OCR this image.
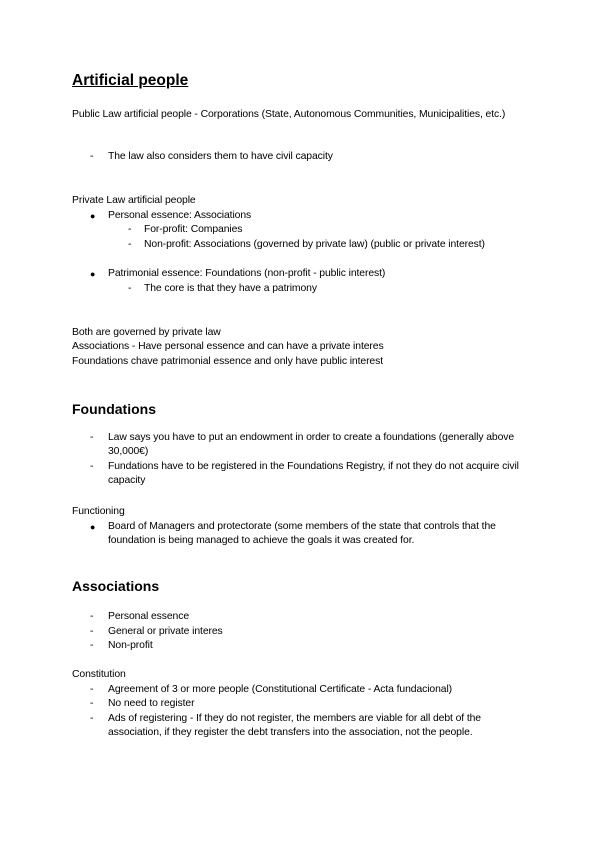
Artificial people
Public Law artificial people - Corporations (State, Autonomous Communities, Municipalities, etc.)
- The law also considers them to have civil capacity
Private Law artificial people
● Personal essence: Associations
- For-profit: Companies
- Non-profit: Associations (governed by private law) (public or private interest)
● Patrimonial essence: Foundations (non-profit - public interest)
- The core is that they have a patrimony
Both are governed by private law
Associations - Have personal essence and can have a private interes
Foundations chave patrimonial essence and only have public interest
Foundations
- Law says you have to put an endowment in order to create a foundations (generally above 30,000€)
- Fundations have to be registered in the Foundations Registry, if not they do not acquire civil capacity
Functioning
● Board of Managers and protectorate (some members of the state that controls that the foundation is being managed to achieve the goals it was created for.
Associations
- Personal essence
- General or private interes
- Non-profit
Constitution
- Agreement of 3 or more people (Constitutional Certificate - Acta fundacional)
- No need to register
- Ads of registering - If they do not register, the members are viable for all debt of the association, if they register the debt transfers into the association, not the people.
